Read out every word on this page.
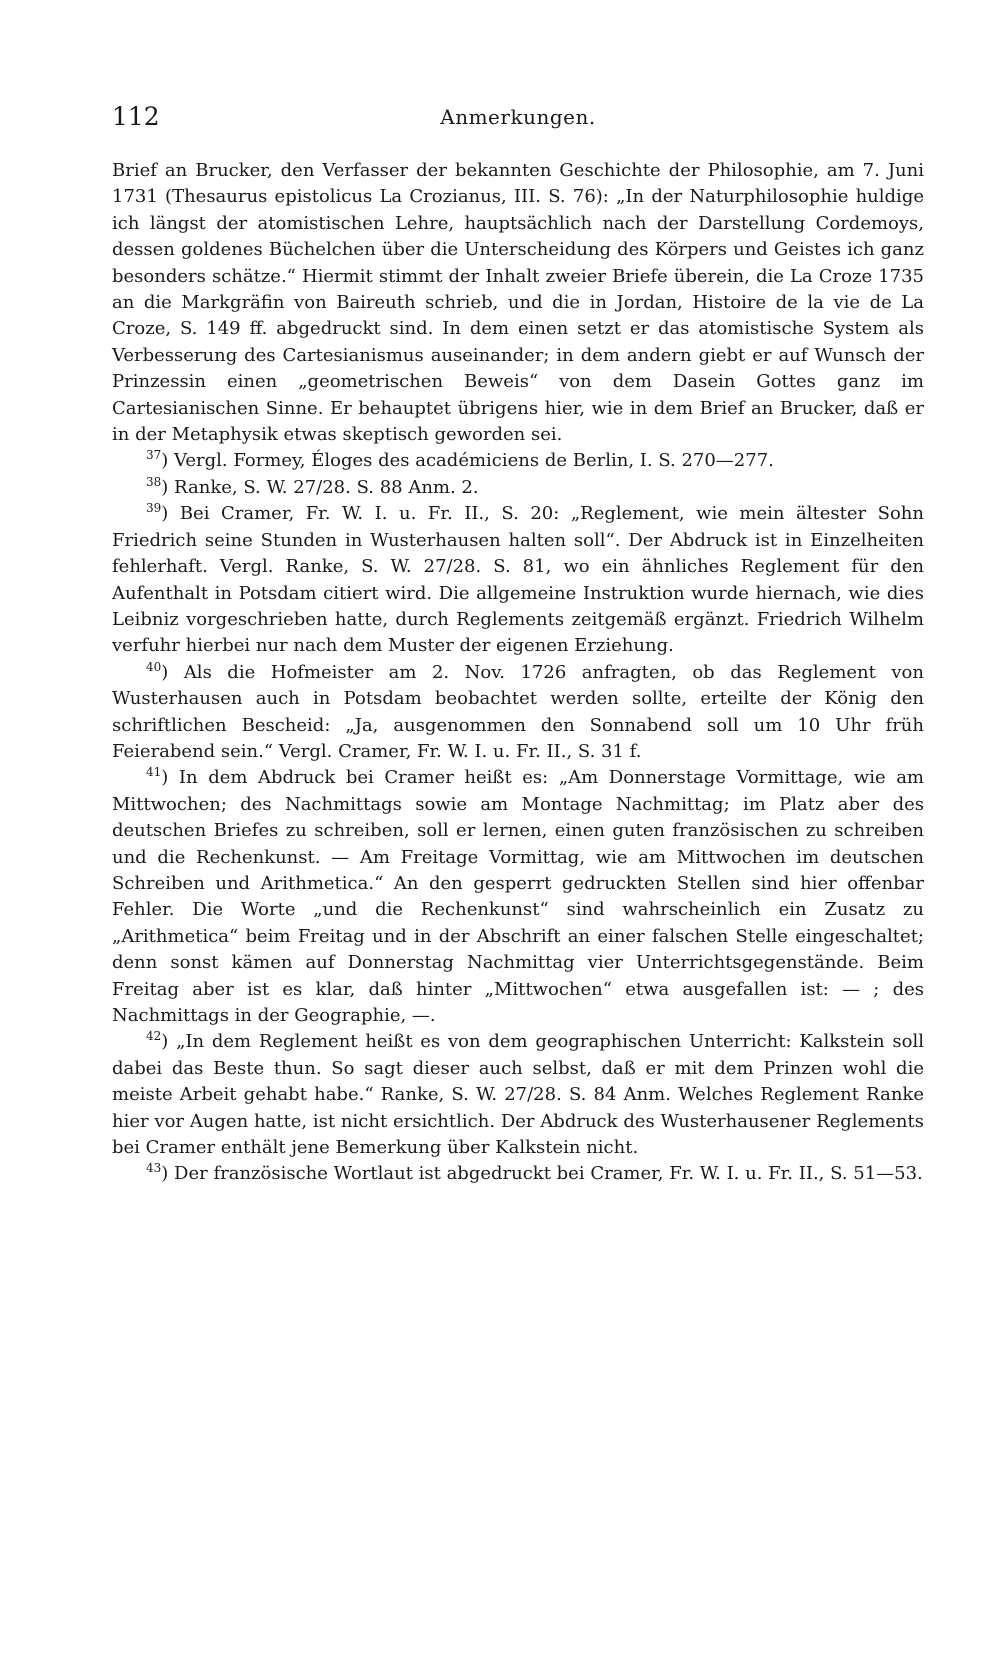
112	Anmerkungen.

Brief an Brucker, den Verfasser der bekannten Geschichte der Philosophie, am 7. Juni 1731 (Thesaurus epistolicus La Crozianus, III. S. 76): „In der Naturphilosophie huldige ich längst der atomistischen Lehre, hauptsächlich nach der Darstellung Cordemoys, dessen goldenes Büchelchen über die Unterscheidung des Körpers und Geistes ich ganz besonders schätze.“ Hiermit stimmt der Inhalt zweier Briefe überein, die La Croze 1735 an die Markgräfin von Baireuth schrieb, und die in Jordan, Histoire de la vie de La Croze, S. 149 ff. abgedruckt sind. In dem einen setzt er das atomistische System als Verbesserung des Cartesianismus auseinander; in dem andern giebt er auf Wunsch der Prinzessin einen „geometrischen Beweis“ von dem Dasein Gottes ganz im Cartesianischen Sinne. Er behauptet übrigens hier, wie in dem Brief an Brucker, daß er in der Metaphysik etwas skeptisch geworden sei.

$^{37}$) Vergl. Formey, Éloges des académiciens de Berlin, I. S. 270—277.

$^{38}$) Ranke, S. W. 27/28. S. 88 Anm. 2.

$^{39}$) Bei Cramer, Fr. W. I. u. Fr. II., S. 20: „Reglement, wie mein ältester Sohn Friedrich seine Stunden in Wusterhausen halten soll“. Der Abdruck ist in Einzelheiten fehlerhaft. Vergl. Ranke, S. W. 27/28. S. 81, wo ein ähnliches Reglement für den Aufenthalt in Potsdam citiert wird. Die allgemeine Instruktion wurde hiernach, wie dies Leibniz vorgeschrieben hatte, durch Reglements zeitgemäß ergänzt. Friedrich Wilhelm verfuhr hierbei nur nach dem Muster der eigenen Erziehung.

$^{40}$) Als die Hofmeister am 2. Nov. 1726 anfragten, ob das Reglement von Wusterhausen auch in Potsdam beobachtet werden sollte, erteilte der König den schriftlichen Bescheid: „Ja, ausgenommen den Sonnabend soll um 10 Uhr früh Feierabend sein.“ Vergl. Cramer, Fr. W. I. u. Fr. II., S. 31 f.

$^{41}$) In dem Abdruck bei Cramer heißt es: „Am Donnerstage Vormittage, wie am Mittwochen; des Nachmittags sowie am Montage Nachmittag; im Platz aber des deutschen Briefes zu schreiben, soll er lernen, einen guten französischen zu schreiben und die Rechenkunst. — Am Freitage Vormittag, wie am Mittwochen im deutschen Schreiben und Arithmetica.“ An den gesperrt gedruckten Stellen sind hier offenbar Fehler. Die Worte „und die Rechenkunst“ sind wahrscheinlich ein Zusatz zu „Arithmetica“ beim Freitag und in der Abschrift an einer falschen Stelle eingeschaltet; denn sonst kämen auf Donnerstag Nachmittag vier Unterrichtsgegenstände. Beim Freitag aber ist es klar, daß hinter „Mittwochen“ etwa ausgefallen ist: — ; des Nachmittags in der Geographie, —.

$^{42}$) „In dem Reglement heißt es von dem geographischen Unterricht: Kalkstein soll dabei das Beste thun. So sagt dieser auch selbst, daß er mit dem Prinzen wohl die meiste Arbeit gehabt habe.“ Ranke, S. W. 27/28. S. 84 Anm. Welches Reglement Ranke hier vor Augen hatte, ist nicht ersichtlich. Der Abdruck des Wusterhausener Reglements bei Cramer enthält jene Bemerkung über Kalkstein nicht.

$^{43}$) Der französische Wortlaut ist abgedruckt bei Cramer, Fr. W. I. u. Fr. II., S. 51—53.
